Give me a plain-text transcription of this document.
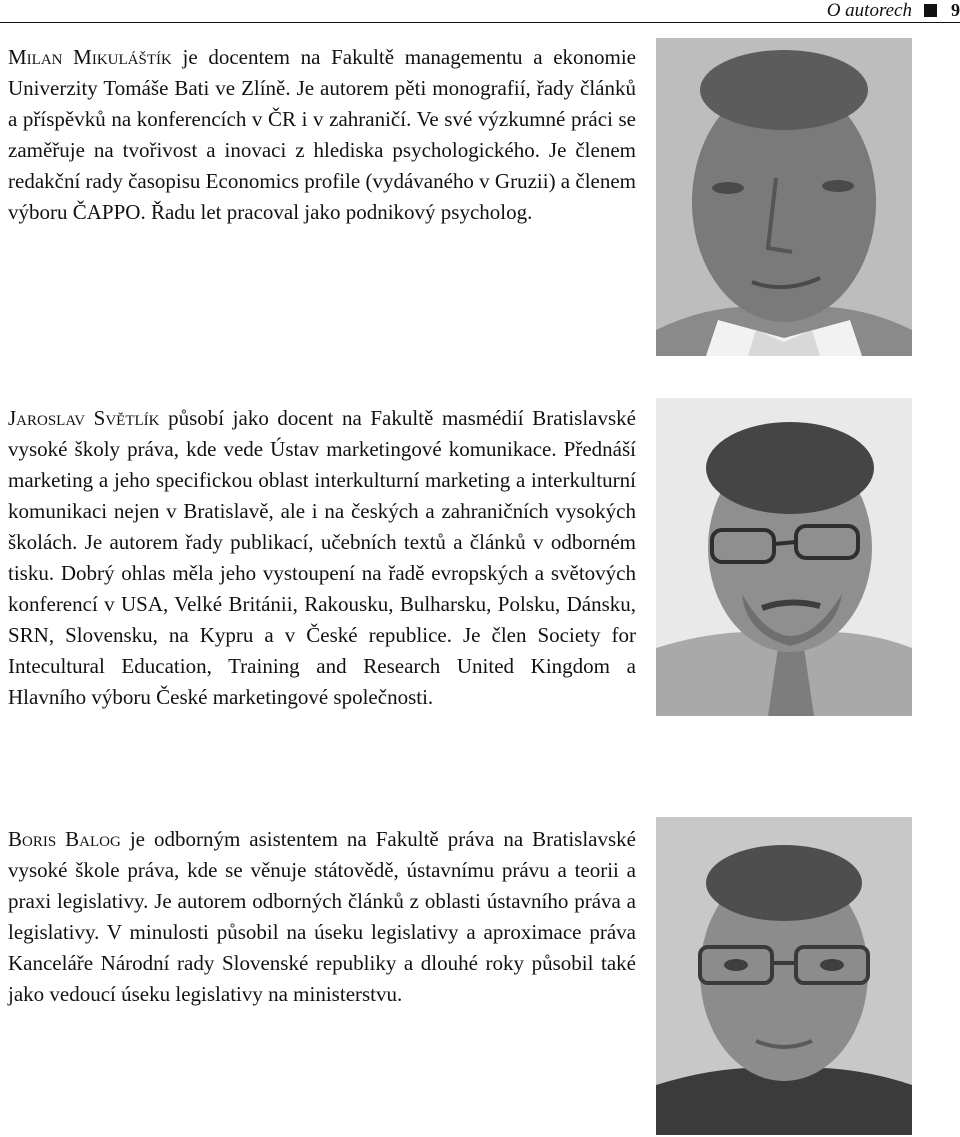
O autorech 9

Milan Mikuláštík je docentem na Fakultě managementu a ekonomie Univerzity Tomáše Bati ve Zlíně. Je autorem pěti monografií, řady článků a příspěvků na konferencích v ČR i v zahraničí. Ve své výzkumné práci se zaměřuje na tvořivost a inovaci z hlediska psychologického. Je členem redakční rady časopisu Economics profile (vydávaného v Gruzii) a členem výboru ČAPPO. Řadu let pracoval jako podnikový psycholog.

Jaroslav Světlík působí jako docent na Fakultě masmédií Bratislavské vysoké školy práva, kde vede Ústav marketingové komunikace. Přednáší marketing a jeho specifickou oblast interkulturní marketing a interkulturní komunikaci nejen v Bratislavě, ale i na českých a zahraničních vysokých školách. Je autorem řady publikací, učebních textů a článků v odborném tisku. Dobrý ohlas měla jeho vystoupení na řadě evropských a světových konferencí v USA, Velké Británii, Rakousku, Bulharsku, Polsku, Dánsku, SRN, Slovensku, na Kypru a v České republice. Je člen Society for Intecultural Education, Training and Research United Kingdom a Hlavního výboru České marketingové společnosti.

Boris Balog je odborným asistentem na Fakultě práva na Bratislavské vysoké škole práva, kde se věnuje státovědě, ústavnímu právu a teorii a praxi legislativy. Je autorem odborných článků z oblasti ústavního práva a legislativy. V minulosti působil na úseku legislativy a aproximace práva Kanceláře Národní rady Slovenské republiky a dlouhé roky působil také jako vedoucí úseku legislativy na ministerstvu.
